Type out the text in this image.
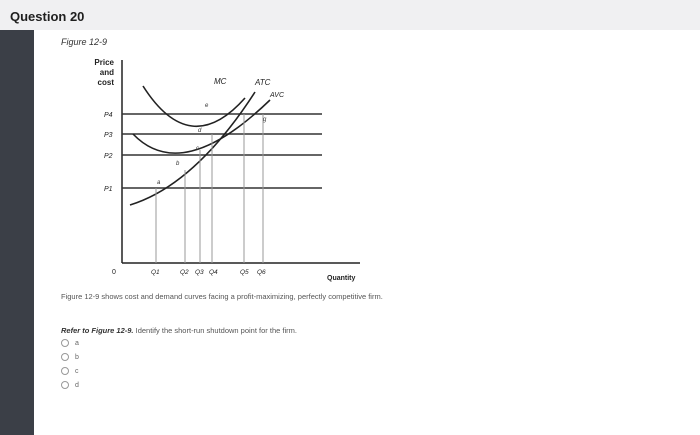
Question 20
Figure 12-9
Price
and
cost	MC	ATC
AVC
a
b
c
d
e
g
P4
P3
P2
P1
0	Q1	Q2 Q3 Q4	Q5 Q6
Quantity
Figure 12-9 shows cost and demand curves facing a profit-maximizing, perfectly competitive firm.
Refer to Figure 12-9. Identify the short-run shutdown point for the firm.
a
b
c
d
